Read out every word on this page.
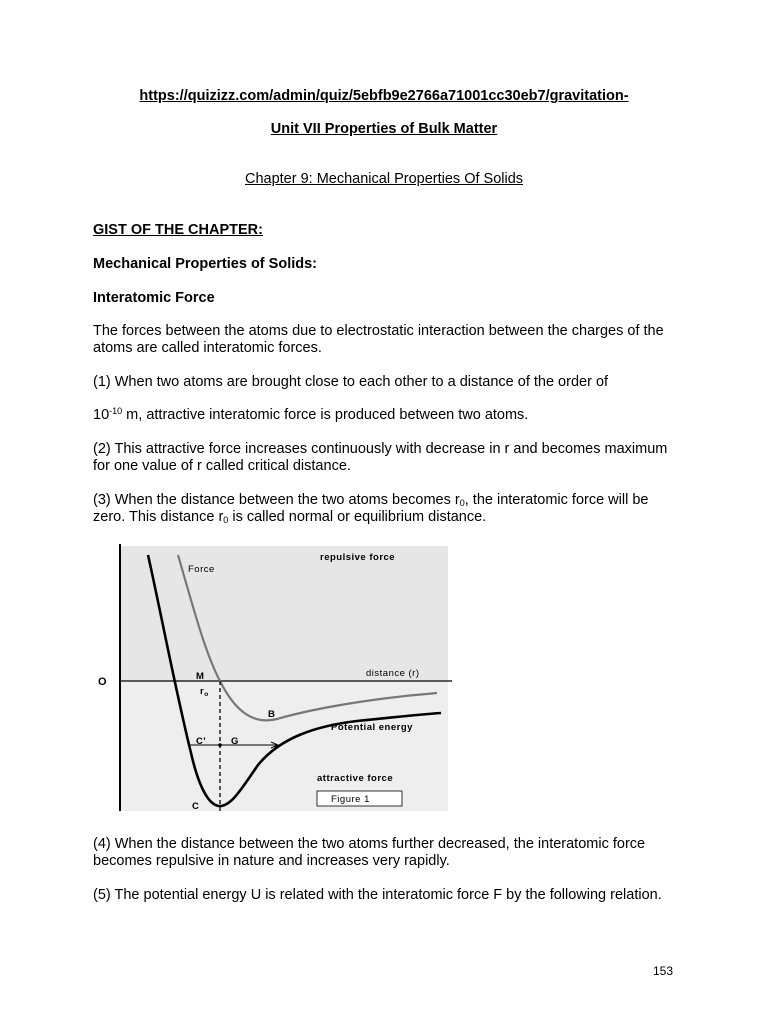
https://quizizz.com/admin/quiz/5ebfb9e2766a71001cc30eb7/gravitation-
Unit VII Properties of Bulk Matter
Chapter 9: Mechanical Properties Of Solids
GIST OF THE CHAPTER:
Mechanical Properties of Solids:
Interatomic Force
The forces between the atoms due to electrostatic interaction between the charges of the atoms are called interatomic forces.
(1) When two atoms are brought close to each other to a distance of the order of
$10^{-10}$ m, attractive interatomic force is produced between two atoms.
(2) This attractive force increases continuously with decrease in r and becomes maximum for one value of r called critical distance.
(3) When the distance between the two atoms becomes $r_0$, the interatomic force will be zero. This distance $r_0$ is called normal or equilibrium distance.
repulsive force
Force
O
distance (r)
M
$r_o$
B
Potential energy
C'	G
attractive force
C
Figure 1
(4) When the distance between the two atoms further decreased, the interatomic force becomes repulsive in nature and increases very rapidly.
(5) The potential energy U is related with the interatomic force F by the following relation.
153
